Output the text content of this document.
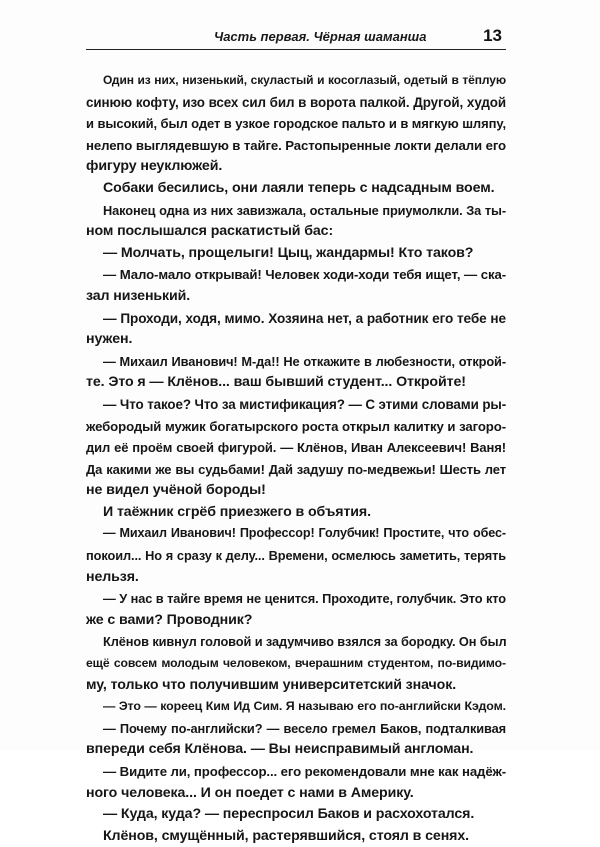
Часть первая. Чёрная шаманша	13
Один из них, низенький, скуластый и косоглазый, одетый в тёплую
синюю кофту, изо всех сил бил в ворота палкой. Другой, худой
и высокий, был одет в узкое городское пальто и в мягкую шляпу,
нелепо выглядевшую в тайге. Растопыренные локти делали его
фигуру неуклюжей.
Собаки бесились, они лаяли теперь с надсадным воем.
Наконец одна из них завизжала, остальные приумолкли. За ты-
ном послышался раскатистый бас:
— Молчать, прощелыги! Цыц, жандармы! Кто таков?
— Мало-мало открывай! Человек ходи-ходи тебя ищет, — ска-
зал низенький.
— Проходи, ходя, мимо. Хозяина нет, а работник его тебе не
нужен.
— Михаил Иванович! М-да!! Не откажите в любезности, открой-
те. Это я — Клёнов... ваш бывший студент... Откройте!
— Что такое? Что за мистификация? — С этими словами ры-
жебородый мужик богатырского роста открыл калитку и загоро-
дил её проём своей фигурой. — Клёнов, Иван Алексеевич! Ваня!
Да какими же вы судьбами! Дай задушу по-медвежьи! Шесть лет
не видел учёной бороды!
И таёжник сгрёб приезжего в объятия.
— Михаил Иванович! Профессор! Голубчик! Простите, что обес-
покоил... Но я сразу к делу... Времени, осмелюсь заметить, терять
нельзя.
— У нас в тайге время не ценится. Проходите, голубчик. Это кто
же с вами? Проводник?
Клёнов кивнул головой и задумчиво взялся за бородку. Он был
ещё совсем молодым человеком, вчерашним студентом, по-видимо-
му, только что получившим университетский значок.
— Это — кореец Ким Ид Сим. Я называю его по-английски Кэдом.
— Почему по-английски? — весело гремел Баков, подталкивая
впереди себя Клёнова. — Вы неисправимый англоман.
— Видите ли, профессор... его рекомендовали мне как надёж-
ного человека... И он поедет с нами в Америку.
— Куда, куда? — переспросил Баков и расхохотался.
Клёнов, смущённый, растерявшийся, стоял в сенях.
